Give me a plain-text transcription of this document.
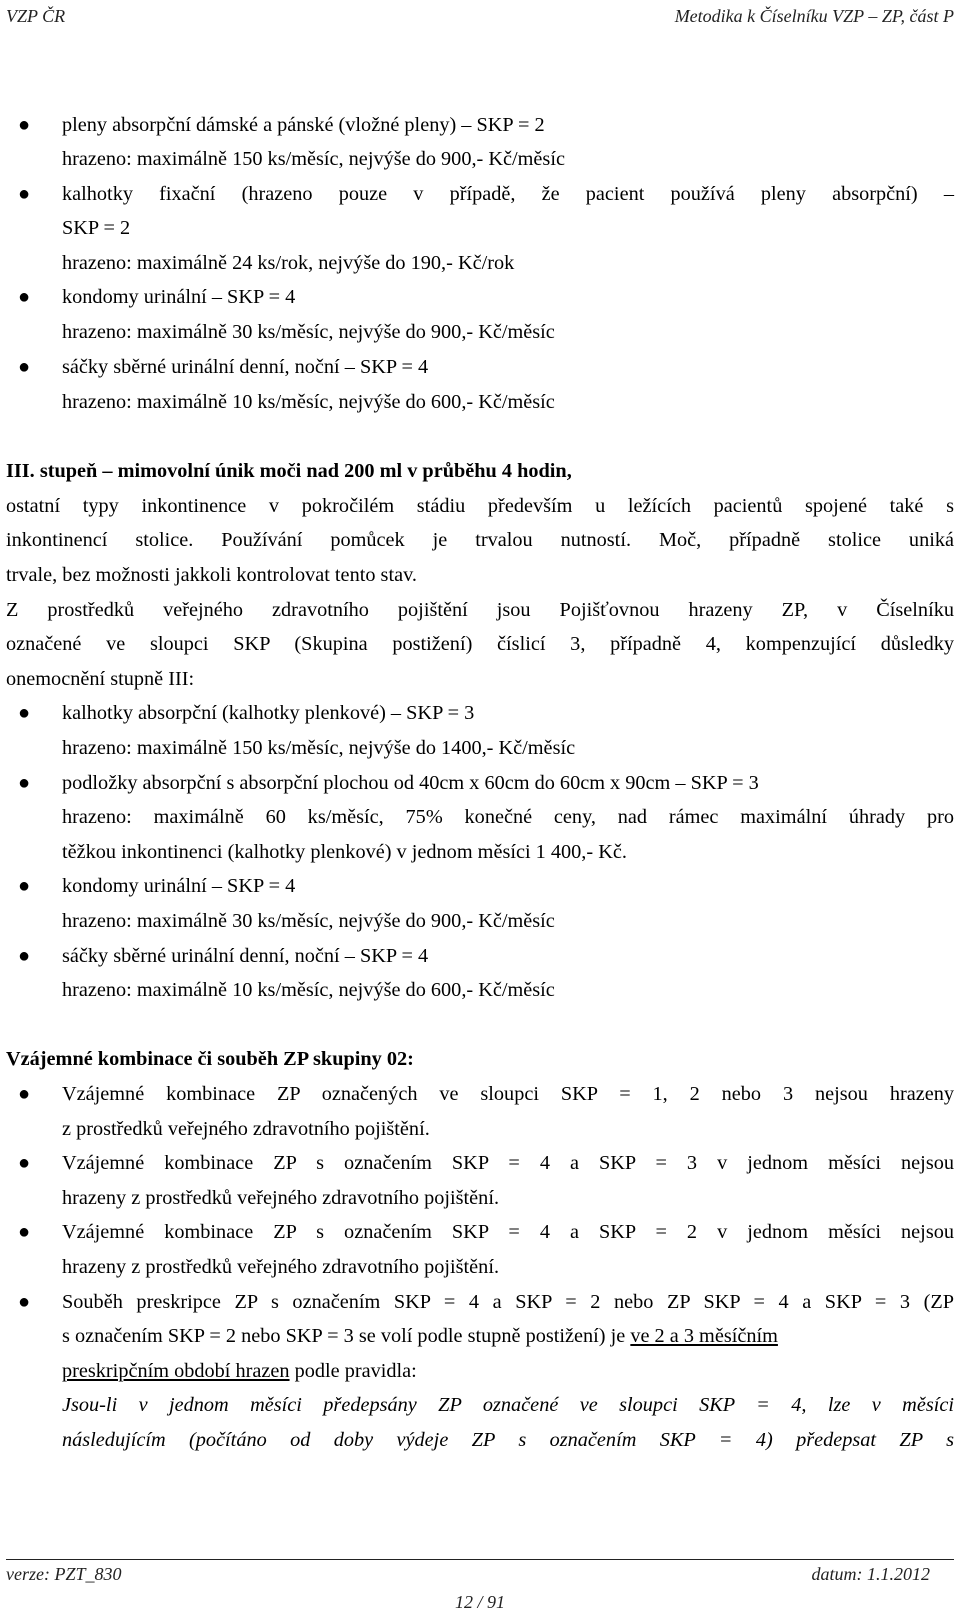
VZP ČR	Metodika k Číselníku VZP – ZP, část P
● pleny absorpční dámské a pánské (vložné pleny) – SKP = 2
hrazeno: maximálně 150 ks/měsíc, nejvýše do 900,- Kč/měsíc
● kalhotky fixační (hrazeno pouze v případě, že pacient používá pleny absorpční) –
SKP = 2
hrazeno: maximálně 24 ks/rok, nejvýše do 190,- Kč/rok
● kondomy urinální – SKP = 4
hrazeno: maximálně 30 ks/měsíc, nejvýše do 900,- Kč/měsíc
● sáčky sběrné urinální denní, noční – SKP = 4
hrazeno: maximálně 10 ks/měsíc, nejvýše do 600,- Kč/měsíc
III. stupeň – mimovolní únik moči nad 200 ml v průběhu 4 hodin,
ostatní typy inkontinence v pokročilém stádiu především u ležících pacientů spojené také s
inkontinencí stolice. Používání pomůcek je trvalou nutností. Moč, případně stolice uniká
trvale, bez možnosti jakkoli kontrolovat tento stav.
Z prostředků veřejného zdravotního pojištění jsou Pojišťovnou hrazeny ZP, v Číselníku
označené ve sloupci SKP (Skupina postižení) číslicí 3, případně 4, kompenzující důsledky
onemocnění stupně III:
● kalhotky absorpční (kalhotky plenkové) – SKP = 3
hrazeno: maximálně 150 ks/měsíc, nejvýše do 1400,- Kč/měsíc
● podložky absorpční s absorpční plochou od 40cm x 60cm do 60cm x 90cm – SKP = 3
hrazeno: maximálně 60 ks/měsíc, 75% konečné ceny, nad rámec maximální úhrady pro
těžkou inkontinenci (kalhotky plenkové) v jednom měsíci 1 400,- Kč.
● kondomy urinální – SKP = 4
hrazeno: maximálně 30 ks/měsíc, nejvýše do 900,- Kč/měsíc
● sáčky sběrné urinální denní, noční – SKP = 4
hrazeno: maximálně 10 ks/měsíc, nejvýše do 600,- Kč/měsíc
Vzájemné kombinace či souběh ZP skupiny 02:
● Vzájemné kombinace ZP označených ve sloupci SKP = 1, 2 nebo 3 nejsou hrazeny
z prostředků veřejného zdravotního pojištění.
● Vzájemné kombinace ZP s označením SKP = 4 a SKP = 3 v jednom měsíci nejsou
hrazeny z prostředků veřejného zdravotního pojištění.
● Vzájemné kombinace ZP s označením SKP = 4 a SKP = 2 v jednom měsíci nejsou
hrazeny z prostředků veřejného zdravotního pojištění.
● Souběh preskripce ZP s označením SKP = 4 a SKP = 2 nebo ZP SKP = 4 a SKP = 3 (ZP
s označením SKP = 2 nebo SKP = 3 se volí podle stupně postižení) je ve 2 a 3 měsíčním
preskripčním období hrazen podle pravidla:
Jsou-li v jednom měsíci předepsány ZP označené ve sloupci SKP = 4, lze v měsíci
následujícím (počítáno od doby výdeje ZP s označením SKP = 4) předepsat ZP s
verze: PZT_830	datum: 1.1.2012
12 / 91
